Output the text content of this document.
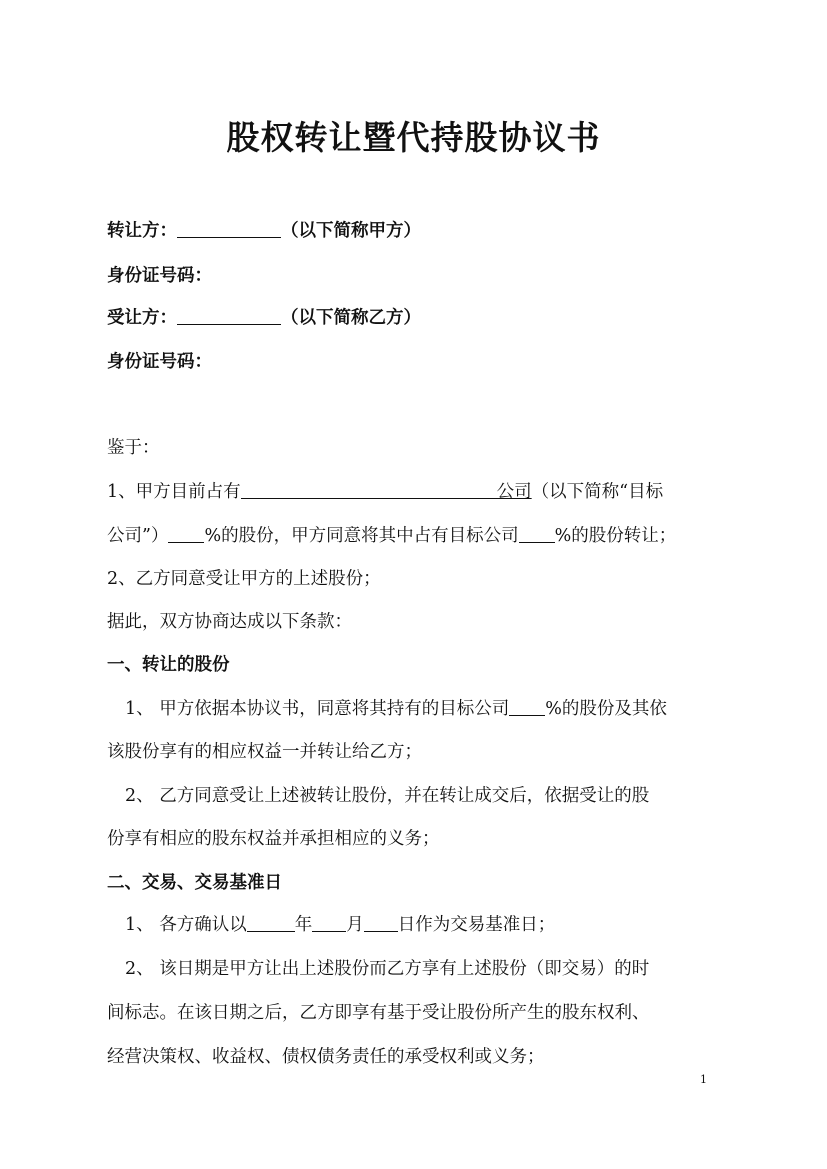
股权转让暨代持股协议书
转让方：	（以下简称甲方）
身份证号码：
受让方：	（以下简称乙方）
身份证号码：
鉴于：
1、甲方目前占有	公司（以下简称“目标
公司”） %的股份，甲方同意将其中占有目标公司 %的股份转让；
2、乙方同意受让甲方的上述股份；
据此，双方协商达成以下条款：
一、转让的股份
1、 甲方依据本协议书，同意将其持有的目标公司 %的股份及其依
该股份享有的相应权益一并转让给乙方；
2、 乙方同意受让上述被转让股份，并在转让成交后，依据受让的股
份享有相应的股东权益并承担相应的义务；
二、交易、交易基准日
1、 各方确认以	年 月 日作为交易基准日；
2、 该日期是甲方让出上述股份而乙方享有上述股份（即交易）的时
间标志。在该日期之后，乙方即享有基于受让股份所产生的股东权利、
经营决策权、收益权、债权债务责任的承受权利或义务；
1
